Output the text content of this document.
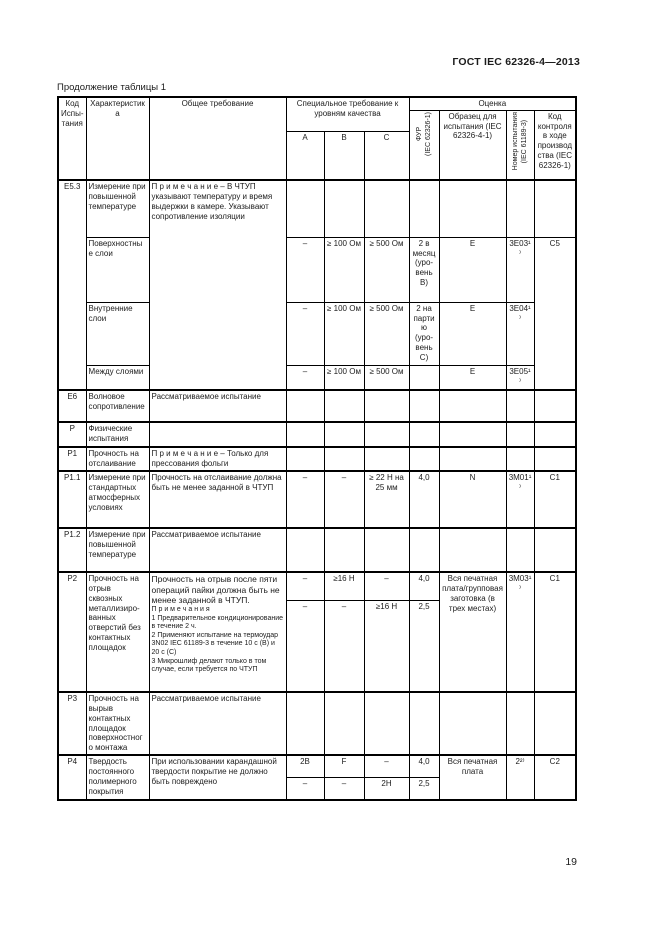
ГОСТ IEC 62326-4—2013
Продолжение таблицы 1
Код Испы-тания	Характеристика	Общее требование	Специальное требование к уровням качества			Оценка			

						ФУР (IEC 62326-1)	Образец для испытания (IEC 62326-4-1)	Номер испытания (IEC 61189-3)	Код контроля в ходе производства (IEC 62326-1)
			A	B	C				
E5.3	Измерение при повышенной температуре	П р и м е ч а н и е – В ЧТУП указывают температуру и время выдержки в камере. Указывают сопротивление изоляции							
	Поверхностные слои		–	≥ 100 Ом	≥ 500 Ом	2 в месяц (уро-вень B)	E	3E03¹⁾	C5
	Внутренние слои		–	≥ 100 Ом	≥ 500 Ом	2 на партию (уро-вень C)	E	3E04¹⁾	
	Между слоями		–	≥ 100 Ом	≥ 500 Ом		E	3E05¹⁾	
E6	Волновое сопротивление	Рассматриваемое испытание							
P	Физические испытания								
P1	Прочность на отслаивание	П р и м е ч а н и е – Только для прессования фольги							
P1.1	Измерение при стандартных атмосферных условиях	Прочность на отслаивание должна быть не менее заданной в ЧТУП	–	–	≥ 22 Н на 25 мм	4,0	N	3M01¹⁾	C1
P1.2	Измерение при повышенной температуре	Рассматриваемое испытание							
P2	Прочность на отрыв сквозных металлизиро-ванных отверстий без контактных площадок	Прочность на отрыв после пяти операций пайки должна быть не менее заданной в ЧТУП.
П р и м е ч а н и я
1 Предварительное кондиционирование в течение 2 ч.
2 Применяют испытание на термоудар 3N02 IEC 61189-3 в течение 10 с (B) и 20 с (C)
3 Микрошлиф делают только в том случае, если требуется по ЧТУП	–	≥16 Н	–	4,0	Вся печатная плата/групповая заготовка (в трех местах)	3M03¹⁾	C1
			–	–	≥16 Н	2,5			
P3	Прочность на вырыв контактных площадок поверхностного монтажа	Рассматриваемое испытание							
P4	Твердость постоянного полимерного покрытия	При использовании карандашной твердости покрытие не должно быть повреждено	2B	F	–	4,0	Вся печатная плата	2²⁾	C2
			–	–	2H	2,5			
19
